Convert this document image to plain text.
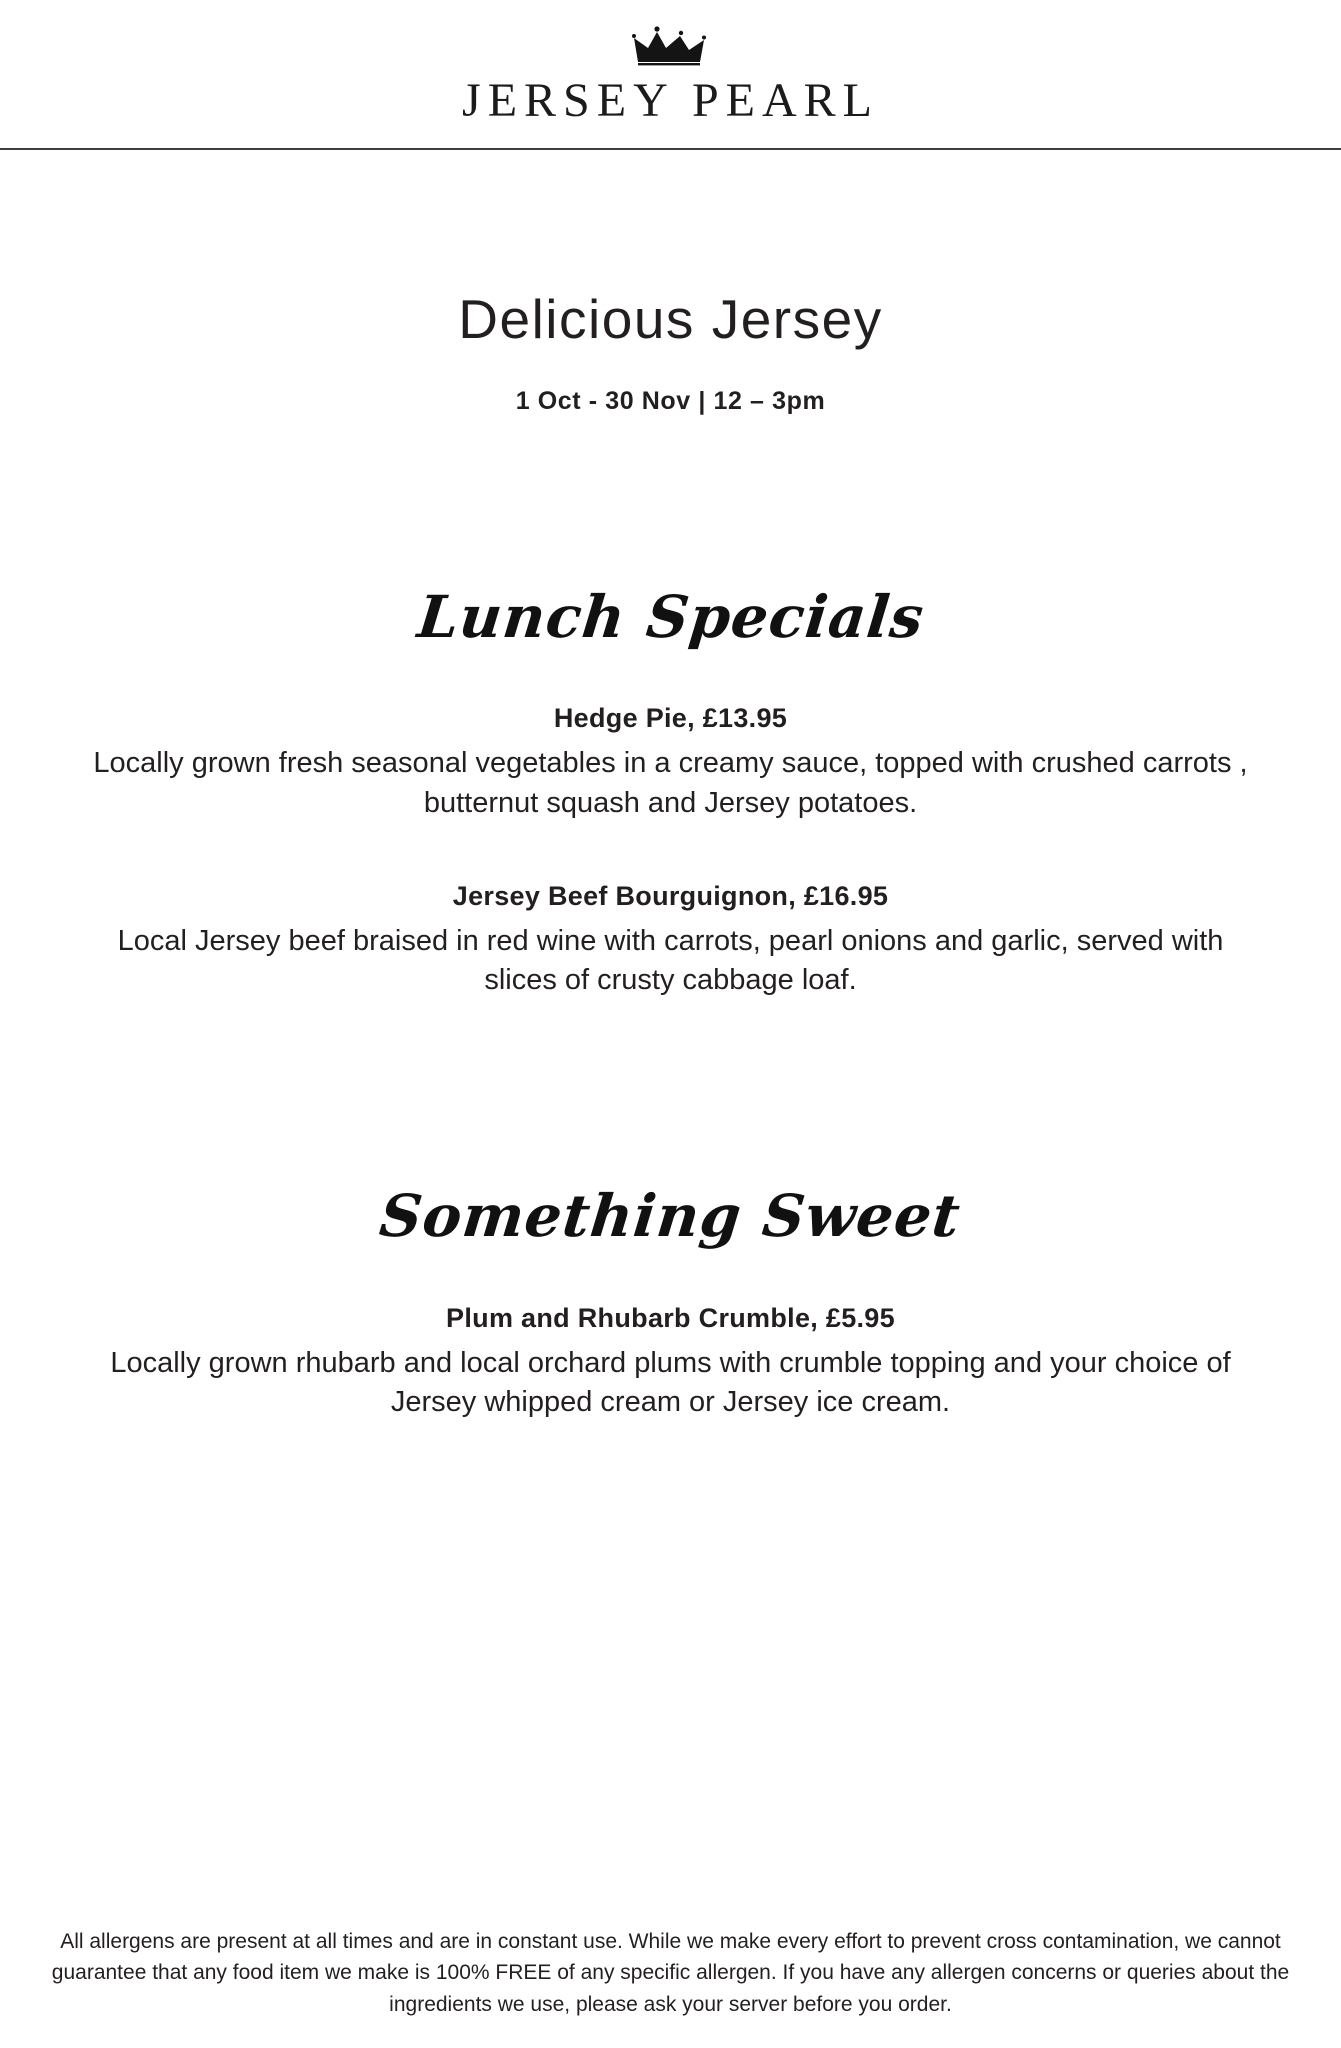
JERSEY PEARL
Delicious Jersey
1 Oct - 30 Nov | 12 – 3pm
Lunch Specials
Hedge Pie, £13.95
Locally grown fresh seasonal vegetables in a creamy sauce, topped with crushed carrots , butternut squash and Jersey potatoes.
Jersey Beef Bourguignon, £16.95
Local Jersey beef braised in red wine with carrots, pearl onions and garlic, served with slices of crusty cabbage loaf.
Something Sweet
Plum and Rhubarb Crumble, £5.95
Locally grown rhubarb and local orchard plums with crumble topping and your choice of Jersey whipped cream or Jersey ice cream.
All allergens are present at all times and are in constant use. While we make every effort to prevent cross contamination, we cannot guarantee that any food item we make is 100% FREE of any specific allergen. If you have any allergen concerns or queries about the ingredients we use, please ask your server before you order.
